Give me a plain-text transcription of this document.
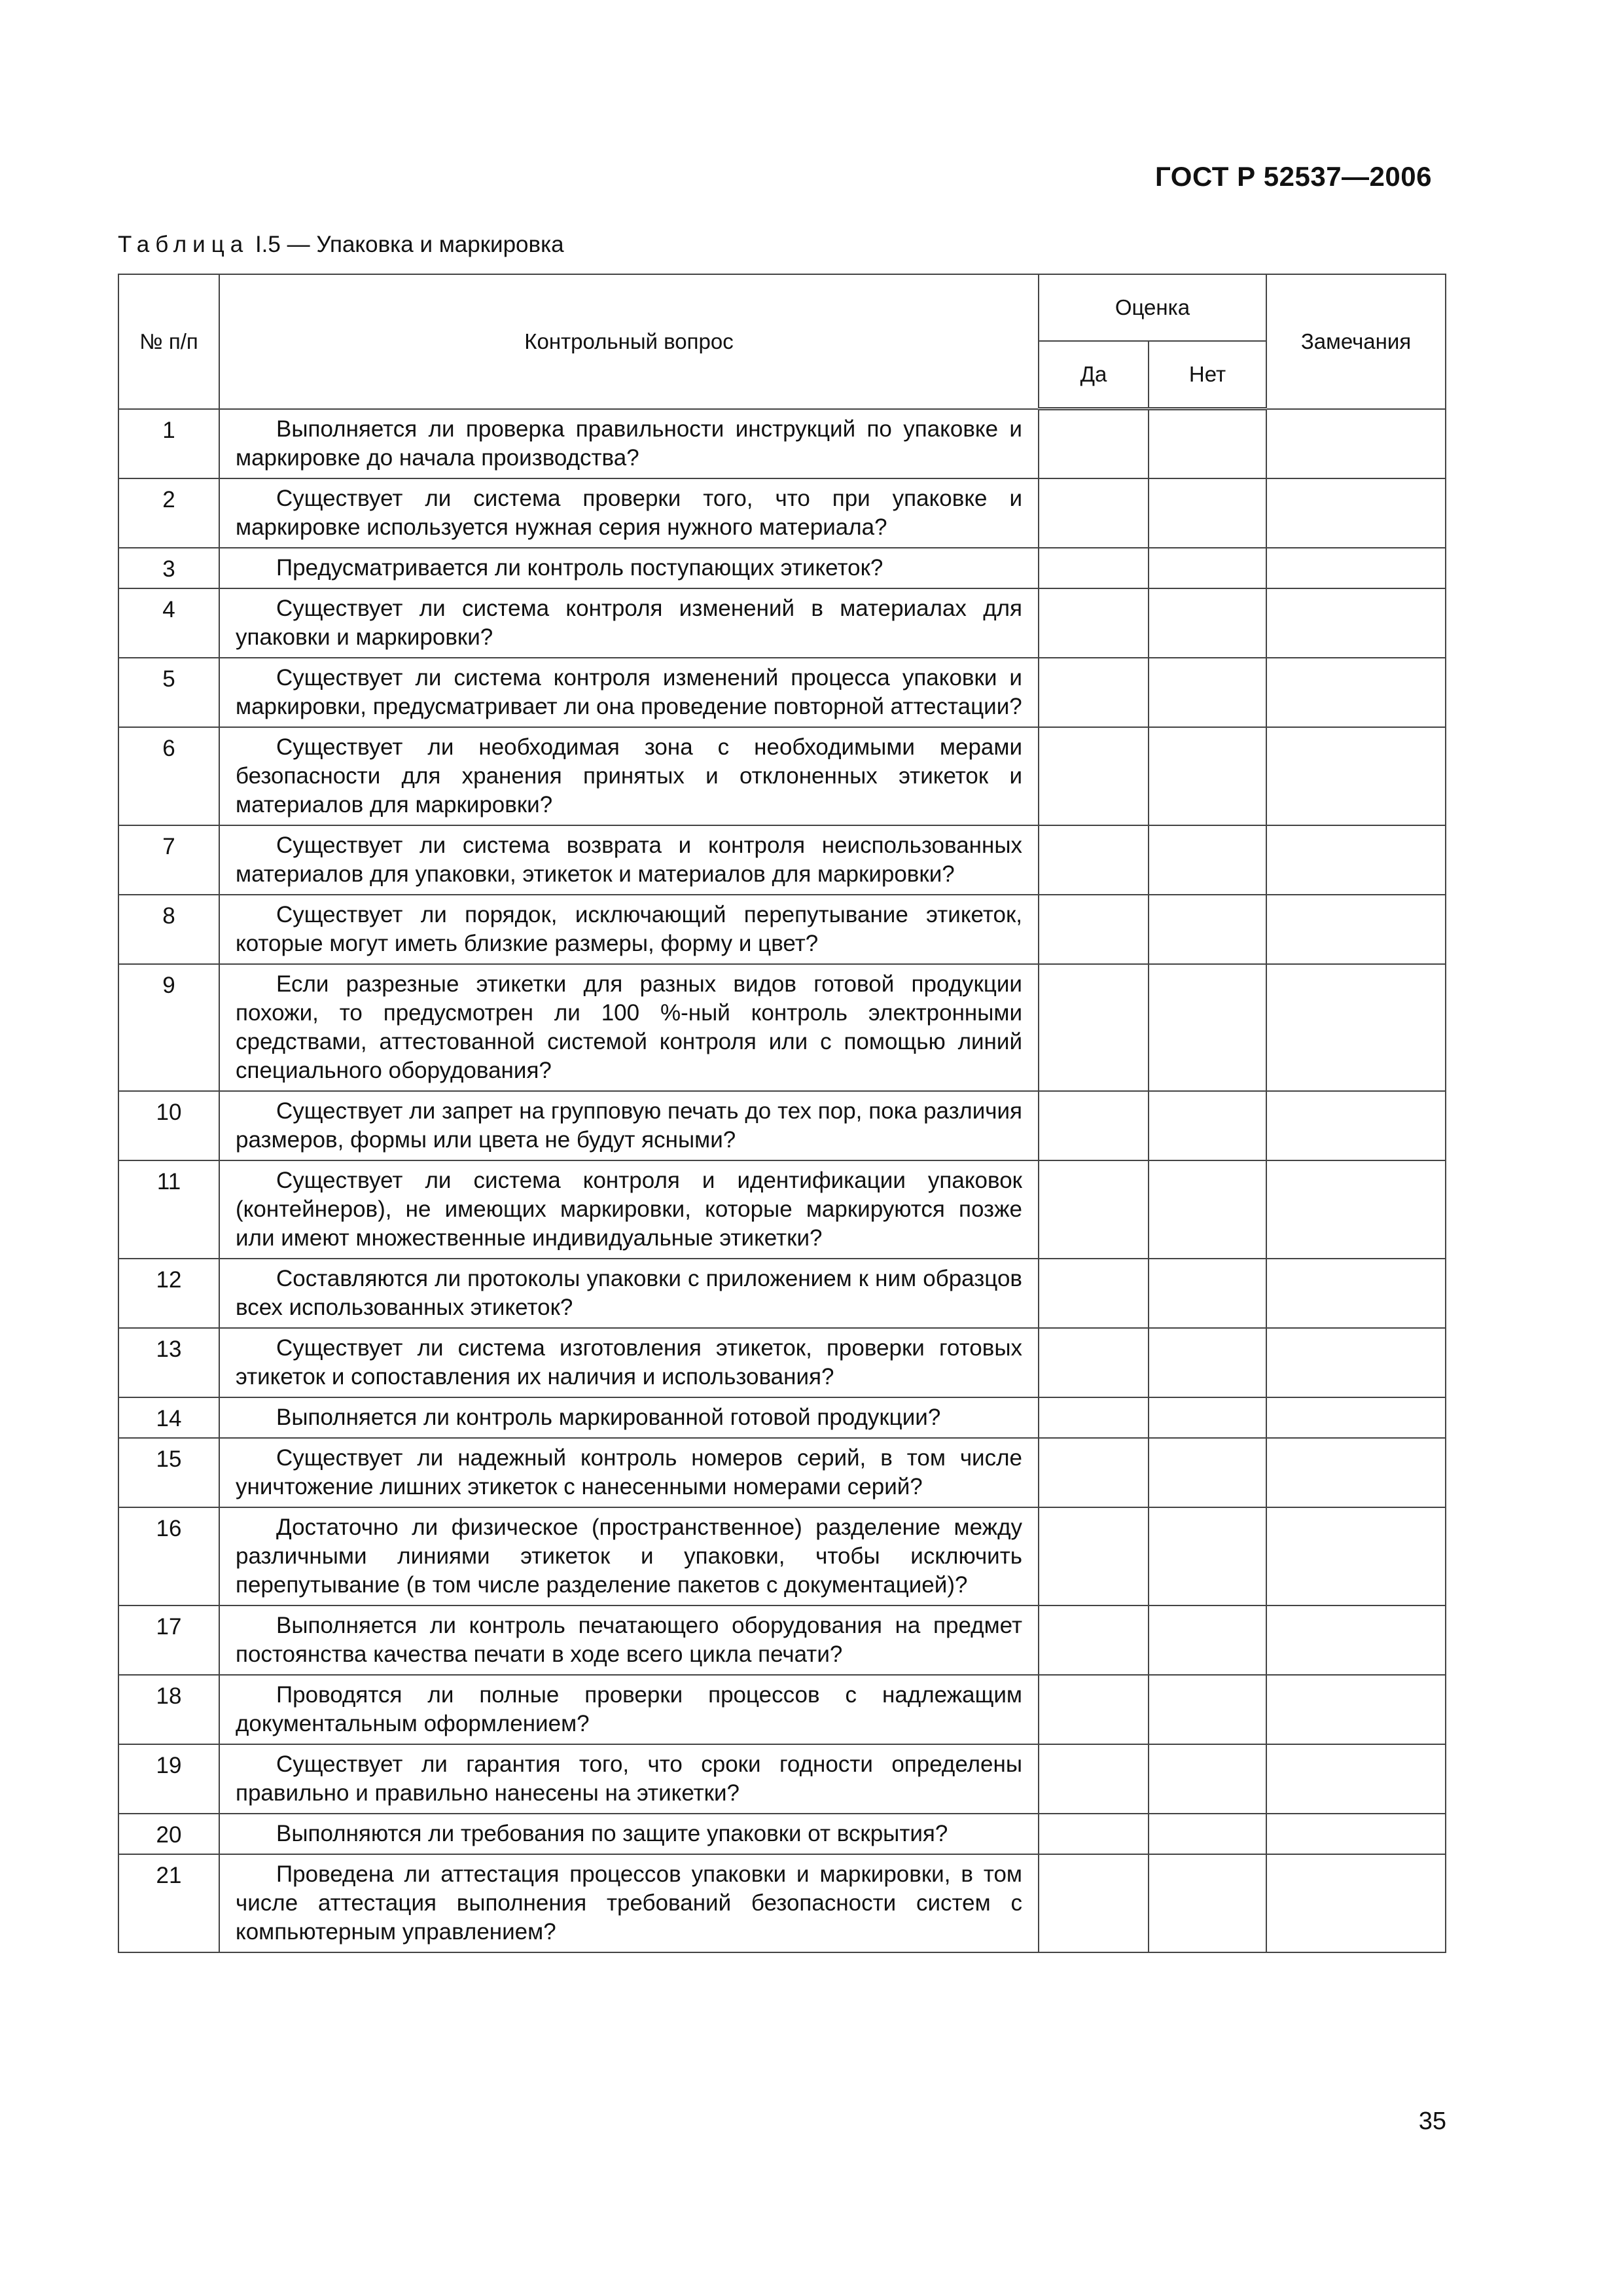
ГОСТ Р 52537—2006
Таблица I.5 — Упаковка и маркировка
№ п/п	Контрольный вопрос	Оценка		Замечания
		Да	Нет	
1	Выполняется ли проверка правильности инструкций по упаковке и маркировке до начала производства?			

2	Существует ли система проверки того, что при упаковке и маркировке используется нужная серия нужного материала?			

3	Предусматривается ли контроль поступающих этикеток?			

4	Существует ли система контроля изменений в материалах для упаковки и маркировки?			

5	Существует ли система контроля изменений процесса упаковки и маркировки, предусматривает ли она проведение повторной аттестации?			

6	Существует ли необходимая зона с необходимыми мерами безопасности для хранения принятых и отклоненных этикеток и материалов для маркировки?			

7	Существует ли система возврата и контроля неиспользованных материалов для упаковки, этикеток и материалов для маркировки?			

8	Существует ли порядок, исключающий перепутывание этикеток, которые могут иметь близкие размеры, форму и цвет?			

9	Если разрезные этикетки для разных видов готовой продукции похожи, то предусмотрен ли 100 %-ный контроль электронными средствами, аттестованной системой контроля или с помощью линий специального оборудования?			

10	Существует ли запрет на групповую печать до тех пор, пока различия размеров, формы или цвета не будут ясными?			

11	Существует ли система контроля и идентификации упаковок (контейнеров), не имеющих маркировки, которые маркируются позже или имеют множественные индивидуальные этикетки?			

12	Составляются ли протоколы упаковки с приложением к ним образцов всех использованных этикеток?			

13	Существует ли система изготовления этикеток, проверки готовых этикеток и сопоставления их наличия и использования?			

14	Выполняется ли контроль маркированной готовой продукции?			

15	Существует ли надежный контроль номеров серий, в том числе уничтожение лишних этикеток с нанесенными номерами серий?			

16	Достаточно ли физическое (пространственное) разделение между различными линиями этикеток и упаковки, чтобы исключить перепутывание (в том числе разделение пакетов с документацией)?			

17	Выполняется ли контроль печатающего оборудования на предмет постоянства качества печати в ходе всего цикла печати?			

18	Проводятся ли полные проверки процессов с надлежащим документальным оформлением?			

19	Существует ли гарантия того, что сроки годности определены правильно и правильно нанесены на этикетки?			

20	Выполняются ли требования по защите упаковки от вскрытия?			

21	Проведена ли аттестация процессов упаковки и маркировки, в том числе аттестация выполнения требований безопасности систем с компьютерным управлением?			

35
